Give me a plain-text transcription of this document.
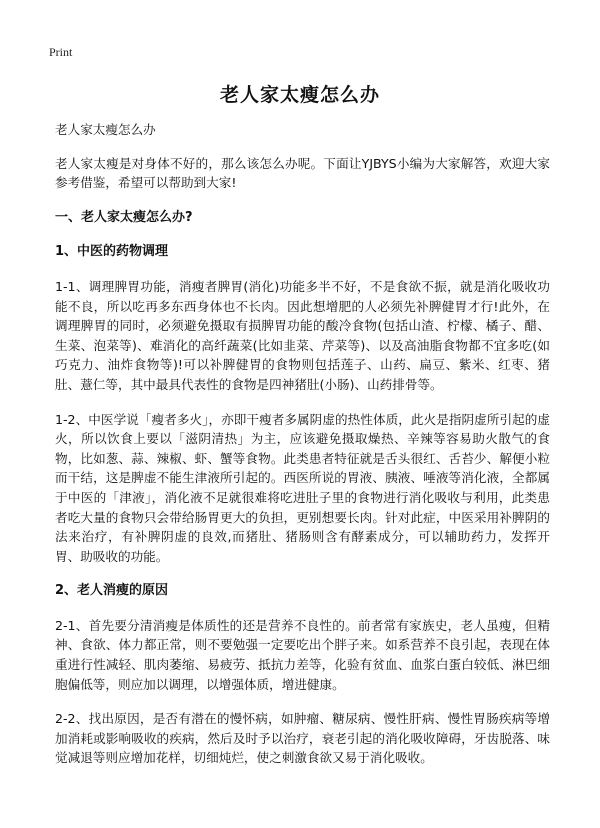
Print
老人家太瘦怎么办

老人家太瘦怎么办

老人家太瘦是对身体不好的，那么该怎么办呢。下面让YJBYS小编为大家解答，欢迎大家参考借鉴，希望可以帮助到大家!

一、老人家太瘦怎么办?
1、中医的药物调理

1-1、调理脾胃功能，消瘦者脾胃(消化)功能多半不好，不是食欲不振，就是消化吸收功能不良，所以吃再多东西身体也不长肉。因此想增肥的人必须先补脾健胃才行!此外，在调理脾胃的同时，必须避免摄取有损脾胃功能的酸冷食物(包括山渣、柠檬、橘子、醋、生菜、泡菜等)、难消化的高纤蔬菜(比如韭菜、芹菜等)、以及高油脂食物都不宜多吃(如巧克力、油炸食物等)!可以补脾健胃的食物则包括莲子、山药、扁豆、紫米、红枣、猪肚、薏仁等，其中最具代表性的食物是四神猪肚(小肠)、山药排骨等。

1-2、中医学说「瘦者多火」，亦即干瘦者多属阴虚的热性体质，此火是指阴虚所引起的虚火，所以饮食上要以「滋阴清热」为主，应该避免摄取燥热、辛辣等容易助火散气的食物，比如葱、蒜、辣椒、虾、蟹等食物。此类患者特征就是舌头很红、舌苔少、解便小粒而干结，这是脾虚不能生津液所引起的。西医所说的胃液、胰液、唾液等消化液，全都属于中医的「津液」，消化液不足就很难将吃进肚子里的食物进行消化吸收与利用，此类患者吃大量的食物只会带给肠胃更大的负担，更别想要长肉。针对此症，中医采用补脾阴的法来治疗，有补脾阴虚的良效,而猪肚、猪肠则含有酵素成分，可以辅助药力，发挥开胃、助吸收的功能。

2、老人消瘦的原因

2-1、首先要分清消瘦是体质性的还是营养不良性的。前者常有家族史，老人虽瘦，但精神、食欲、体力都正常，则不要勉强一定要吃出个胖子来。如系营养不良引起，表现在体重进行性减轻、肌肉萎缩、易疲劳、抵抗力差等，化验有贫血、血浆白蛋白较低、淋巴细胞偏低等，则应加以调理，以增强体质，增进健康。

2-2、找出原因，是否有潜在的慢怀病，如肿瘤、糖尿病、慢性肝病、慢性胃肠疾病等增加消耗或影响吸收的疾病，然后及时予以治疗，衰老引起的消化吸收障碍，牙齿脱落、味觉减退等则应增加花样，切细炖烂，使之刺激食欲又易于消化吸收。
